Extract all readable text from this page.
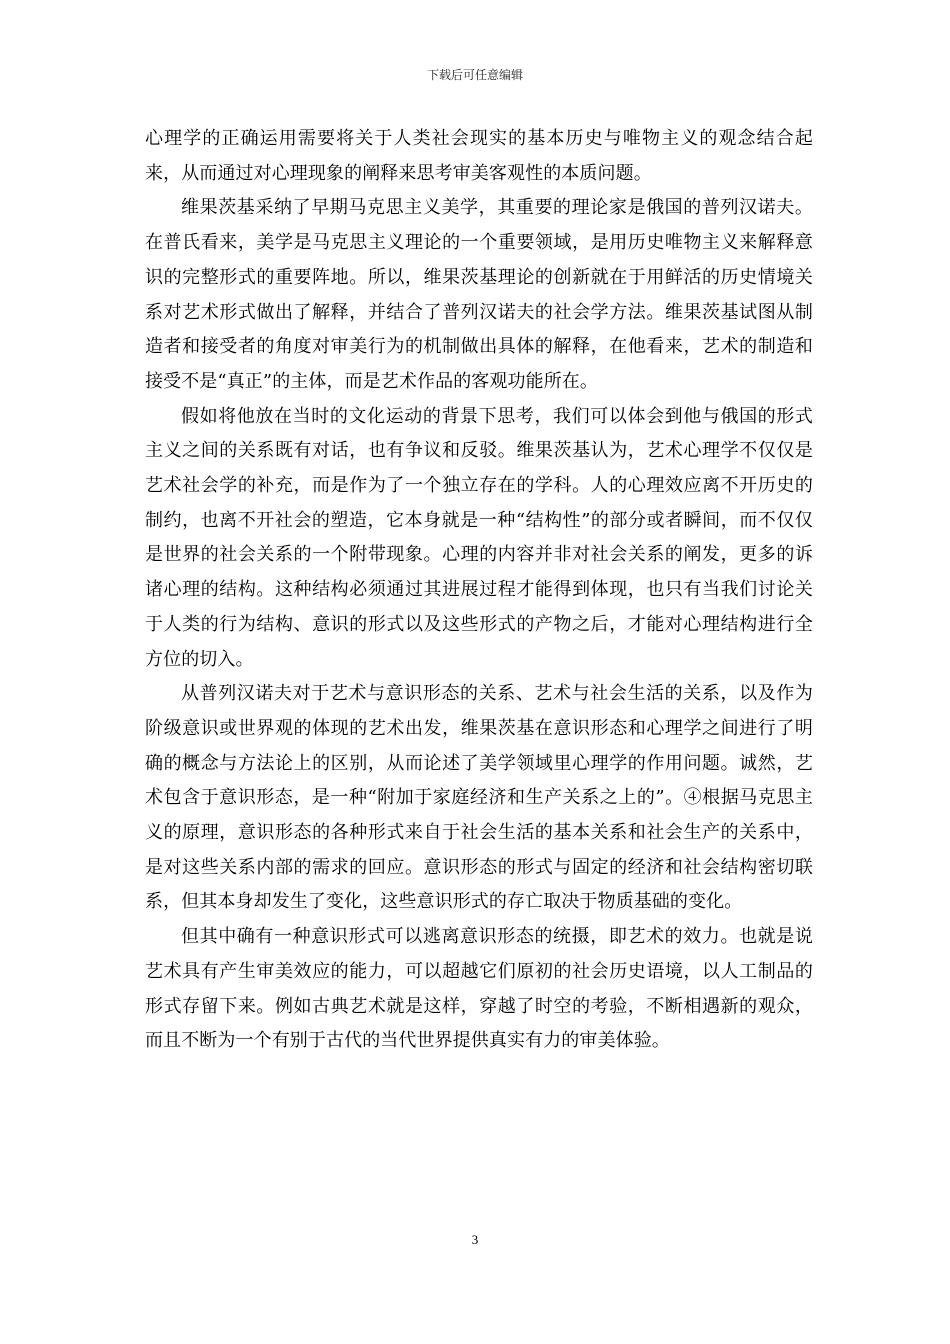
下载后可任意编辑

心理学的正确运用需要将关于人类社会现实的基本历史与唯物主义的观念结合起来，从而通过对心理现象的阐释来思考审美客观性的本质问题。

维果茨基采纳了早期马克思主义美学，其重要的理论家是俄国的普列汉诺夫。在普氏看来，美学是马克思主义理论的一个重要领域，是用历史唯物主义来解释意识的完整形式的重要阵地。所以，维果茨基理论的创新就在于用鲜活的历史情境关系对艺术形式做出了解释，并结合了普列汉诺夫的社会学方法。维果茨基试图从制造者和接受者的角度对审美行为的机制做出具体的解释，在他看来，艺术的制造和接受不是“真正”的主体，而是艺术作品的客观功能所在。

假如将他放在当时的文化运动的背景下思考，我们可以体会到他与俄国的形式主义之间的关系既有对话，也有争议和反驳。维果茨基认为，艺术心理学不仅仅是艺术社会学的补充，而是作为了一个独立存在的学科。人的心理效应离不开历史的制约，也离不开社会的塑造，它本身就是一种“结构性”的部分或者瞬间，而不仅仅是世界的社会关系的一个附带现象。心理的内容并非对社会关系的阐发，更多的诉诸心理的结构。这种结构必须通过其进展过程才能得到体现，也只有当我们讨论关于人类的行为结构、意识的形式以及这些形式的产物之后，才能对心理结构进行全方位的切入。

从普列汉诺夫对于艺术与意识形态的关系、艺术与社会生活的关系，以及作为阶级意识或世界观的体现的艺术出发，维果茨基在意识形态和心理学之间进行了明确的概念与方法论上的区别，从而论述了美学领域里心理学的作用问题。诚然，艺术包含于意识形态，是一种“附加于家庭经济和生产关系之上的”。④根据马克思主义的原理，意识形态的各种形式来自于社会生活的基本关系和社会生产的关系中，是对这些关系内部的需求的回应。意识形态的形式与固定的经济和社会结构密切联系，但其本身却发生了变化，这些意识形式的存亡取决于物质基础的变化。

但其中确有一种意识形式可以逃离意识形态的统摄，即艺术的效力。也就是说艺术具有产生审美效应的能力，可以超越它们原初的社会历史语境，以人工制品的形式存留下来。例如古典艺术就是这样，穿越了时空的考验，不断相遇新的观众，而且不断为一个有别于古代的当代世界提供真实有力的审美体验。

3
